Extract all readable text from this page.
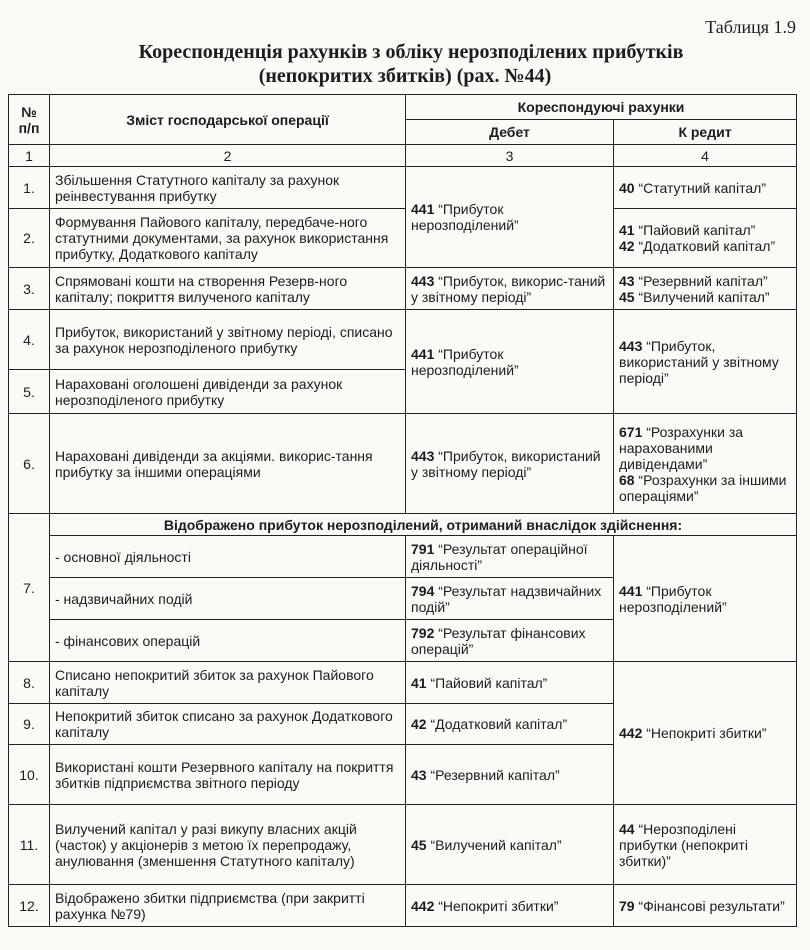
Таблиця 1.9
Кореспонденція рахунків з обліку нерозподілених прибутків
(непокритих збитків) (рах. №44)
№ п/п	Зміст господарської операції	Кореспондуючі рахунки	
		Дебет	К редит
1	2	3	4
1.	Збільшення Статутного капіталу за рахунок реінвестування прибутку	441 “Прибуток нерозподілений”	40 “Статутний капітал”
2.	Формування Пайового капіталу, передбаче-ного статутними документами, за рахунок використання прибутку, Додаткового капіталу		41 “Пайовий капітал”
42 “Додатковий капітал”
3.	Спрямовані кошти на створення Резерв-ного капіталу; покриття вилученого капіталу	443 “Прибуток, викорис-таний у звітному періоді”	43 “Резервний капітал”
45 “Вилучений капітал”
4.	Прибуток, використаний у звітному періоді, списано за рахунок нерозподіленого прибутку	441 “Прибуток нерозподілений”	443 “Прибуток, використаний у звітному періоді”
5.	Нараховані оголошені дивіденди за рахунок нерозподіленого прибутку		
6.	Нараховані дивіденди за акціями. викорис-тання прибутку за іншими операціями	443 “Прибуток, використаний у звітному періоді”	671 “Розрахунки за нарахованими дивідендами”
68 “Розрахунки за іншими операціями”
7.	Відображено прибуток нерозподілений, отриманий внаслідок здійснення:		
	- основної діяльності	791 “Результат операційної діяльності”	441 “Прибуток нерозподілений”
	- надзвичайних подій	794 “Результат надзвичайних подій”	
	- фінансових операцій	792 “Результат фінансових операцій”	
8.	Списано непокритий збиток за рахунок Пайового капіталу	41 “Пайовий капітал”	442 “Непокриті збитки”
9.	Непокритий збиток списано за рахунок Додаткового капіталу	42 “Додатковий капітал”	
10.	Використані кошти Резервного капіталу на покриття збитків підприємства звітного періоду	43 “Резервний капітал”	
11.	Вилучений капітал у разі викупу власних акцій (часток) у акціонерів з метою їх перепродажу, анулювання (зменшення Статутного капіталу)	45 “Вилучений капітал”	44 “Нерозподілені прибутки (непокриті збитки)”
12.	Відображено збитки підприємства (при закритті рахунка №79)	442 “Непокриті збитки”	79 “Фінансові результати”
